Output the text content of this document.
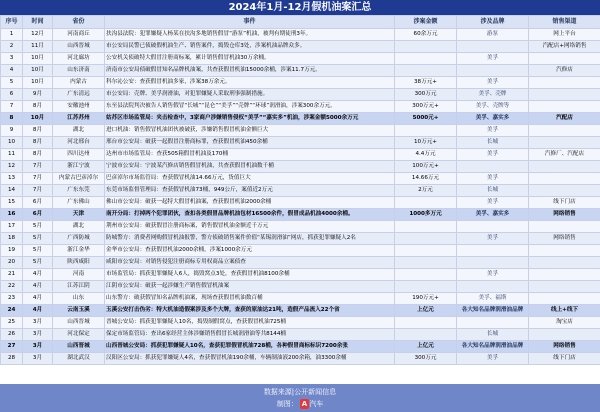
2024年1月-12月假机油案汇总
序号	时间	省份	事件	涉案金额	涉及品牌	销售渠道
1	12月	河南商丘	扶沟县法院：犯罪嫌疑人杨某在扶沟多地销售假冒“游泵”机油，被判有期徒刑3年。	60余万元	游泵	网上平台
2	11月	山西晋城	市公安局民警已侦破假机油生产、销售案件，捣毁仓库3处，涉案机油品牌众多。			汽配店+网络销售
3	10月	河北廊坊	公安机关侦破特大假冒注册商标案，累计销售假冒机油30万余桶。		美孚	
4	10月	山东济南	济南市公安局侦破假冒知名品牌机油案，共查获假冒机油15000余桶，涉案11.7万元。			汽修店
5	10月	内蒙古	科尔沁公安：查获假冒机油多家，涉案38万余元。	38万元+	美孚	
6	9月	广东清远	市公安局：壳牌、美孚润滑油，对犯罪嫌疑人采取刑事强制措施。	300万元	美孚、壳牌	
7	8月	安徽池州	东至县法院判决被告人销售假冒“长城”“昆仑”“美孚”“壳牌”“环球”润滑油，涉案300余万元。	300万元+	美孚、壳牌等	
8	10月	江苏苏州	姑苏区市场监管局：夹击检查中，3家商户涉嫌销售侵权“美孚”“嘉实多”机油，涉案金额5000余万元	5000元+	美孚、嘉实多	汽配店
9	8月	湖北	进口机油：销售假冒机油团伙被破获，涉嫌销售假冒机油金额巨大		美孚	
10	8月	河北邢台	邢台市公安局：破获一起假冒注册商标罪，查获假冒机油450余桶	10万元+	长城	
11	8月	四川达州	达州市市场监管局：查获505箱假冒机油及170桶	4.4万元	美孚	汽修厂、汽配店
12	7月	浙江宁波	宁波市公安局：宁波某汽修店销售假冒机油，共查获假冒机油数千桶	100万元+		
13	7月	内蒙古巴彦淖尔	巴彦淖尔市场监管局：查获假冒机油14.66万元，货值巨大	14.66万元	美孚	
14	7月	广东东莞	东莞市场监督管理局：查获假冒机油73桶，949公斤，案值近2万元	2万元	长城	
15	6月	广东佛山	佛山市公安局：破获一起特大假冒机油案，查获假冒机油2000余桶		美孚	线下门店
16	6月	天津	南开分局：打掉两个犯罪团伙，查扣各类假冒品牌机油包材16500余件，假冒成品机油4000余桶。	1000多万元	美孚、嘉实多	网络销售
17	5月	湖北	荆州市公安局：破获假冒注册商标案，销售假冒机油金额近千万元			
18	5月	广西防城	防城警方：消费者网购假冒机油报警，警方侦破销售案件价值“某锡润滑油”网店，抓获犯罪嫌疑人2名		美孚	网络销售
19	5月	浙江金华	金华市公安局：查获假冒机油2000余桶，涉案1000余万元			
20	5月	陕西咸阳	咸阳市公安局：对销售侵犯注册商标专用权商品立案侦查			
21	4月	河南	市场监管局：抓获犯罪嫌疑人6人，捣毁窝点3处，查获假冒机油8100余桶		美孚	
22	4月	江苏江阴	江阴市公安局：破获一起涉嫌生产销售假冒机油案			
23	4月	山东	山东警方：破获假冒知名品牌机油案，现场查获假冒机油数百桶	190万元+	美孚、福斯	
24	4月	云南玉溪	玉溪公安打击伪劣：特大机油造假案涉及多个大牌，查获的原油达21吨，造假产品流入22个省	上亿元	各大知名品牌润滑油品牌	线上+线下
25	3月	山西晋城	晋城公安局：抓获犯罪嫌疑人10名，捣毁制假窝点，查获假冒机油725桶			淘宝店
26	3月	河北保定	保定市场监管局：查出6家经营主体涉嫌销售假冒长城润滑油等共8144桶		长城	
27	3月	山西晋城	山西晋城公安局：抓获犯罪嫌疑人10名，查获犯罪假冒机油728桶，各种假冒商标标识7200余张	上亿元	各大知名品牌润滑油品牌	网络销售
28	3月	湖北武汉	汉阳区公安局：抓获犯罪嫌疑人4名，查获假冒机油190余桶，车辆制油液200余箱，油3300余桶	300万元	美孚	线下门店
数据来源|公开新闻信息
制图： A 汽车
